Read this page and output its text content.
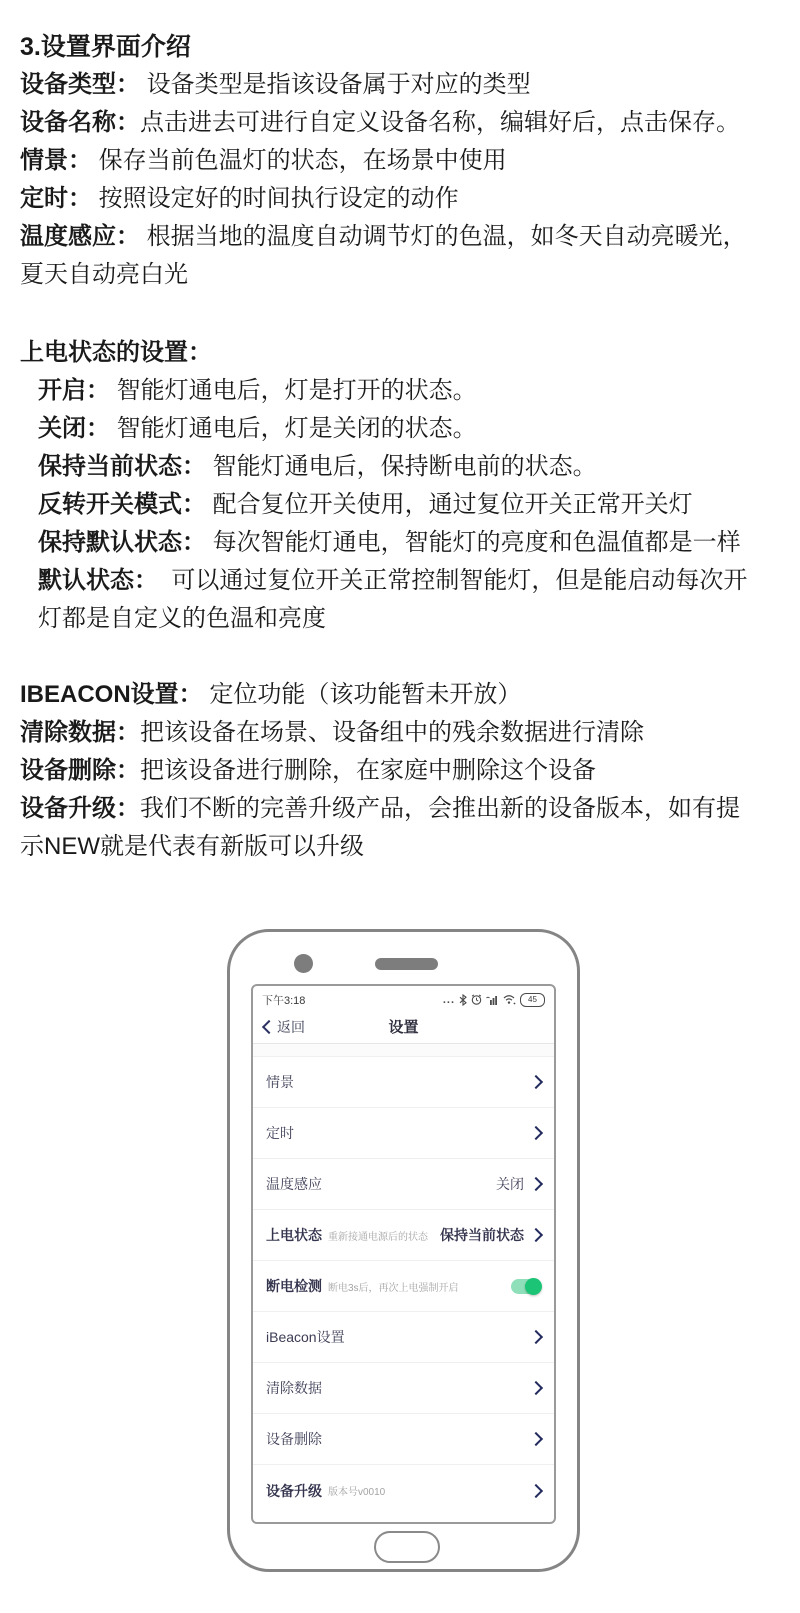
3.设置界面介绍
设备类型： 设备类型是指该设备属于对应的类型
设备名称：点击进去可进行自定义设备名称，编辑好后，点击保存。
情景： 保存当前色温灯的状态，在场景中使用
定时： 按照设定好的时间执行设定的动作
温度感应： 根据当地的温度自动调节灯的色温，如冬天自动亮暖光，
夏天自动亮白光
上电状态的设置：
开启： 智能灯通电后，灯是打开的状态。
关闭： 智能灯通电后，灯是关闭的状态。
保持当前状态： 智能灯通电后，保持断电前的状态。
反转开关模式： 配合复位开关使用，通过复位开关正常开关灯
保持默认状态： 每次智能灯通电，智能灯的亮度和色温值都是一样
默认状态：  可以通过复位开关正常控制智能灯，但是能启动每次开
灯都是自定义的色温和亮度
IBEACON设置： 定位功能（该功能暂未开放）
清除数据：把该设备在场景、设备组中的残余数据进行清除
设备删除：把该设备进行删除，在家庭中删除这个设备
设备升级：我们不断的完善升级产品，会推出新的设备版本，如有提
示NEW就是代表有新版可以升级
下午3:18	...	45
返回	设置
情景
定时
温度感应	关闭
上电状态 重新接通电源后的状态 保持当前状态
断电检测 断电3s后，再次上电强制开启
iBeacon设置
清除数据
设备删除
设备升级 版本号v0010
